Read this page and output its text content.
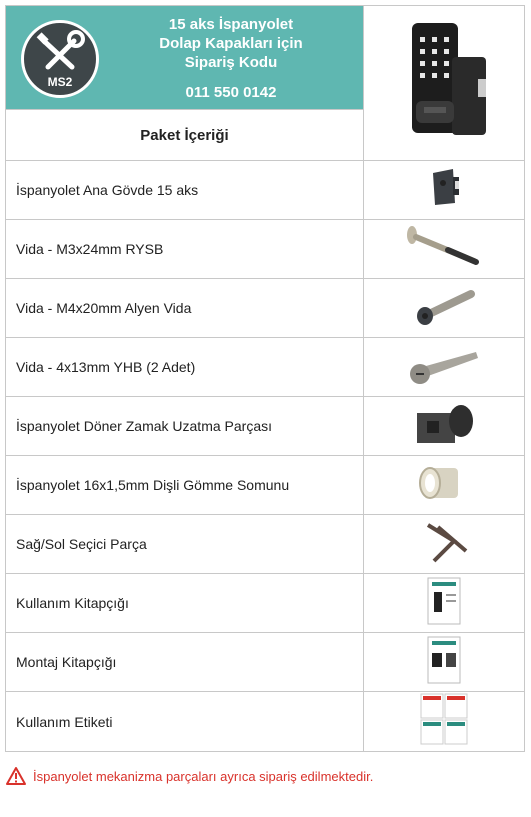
MS2
15 aks İspanyolet
Dolap Kapakları için
Sipariş Kodu
011 550 0142

Paket İçeriği	
İspanyolet Ana Gövde 15 aks	
Vida - M3x24mm RYSB	
Vida - M4x20mm Alyen Vida	
Vida - 4x13mm YHB (2 Adet)	
İspanyolet Döner Zamak Uzatma Parçası	
İspanyolet 16x1,5mm Dişli Gömme Somunu	
Sağ/Sol Seçici Parça	
Kullanım Kitapçığı	
Montaj Kitapçığı	
Kullanım Etiketi	
İspanyolet mekanizma parçaları ayrıca sipariş edilmektedir.
